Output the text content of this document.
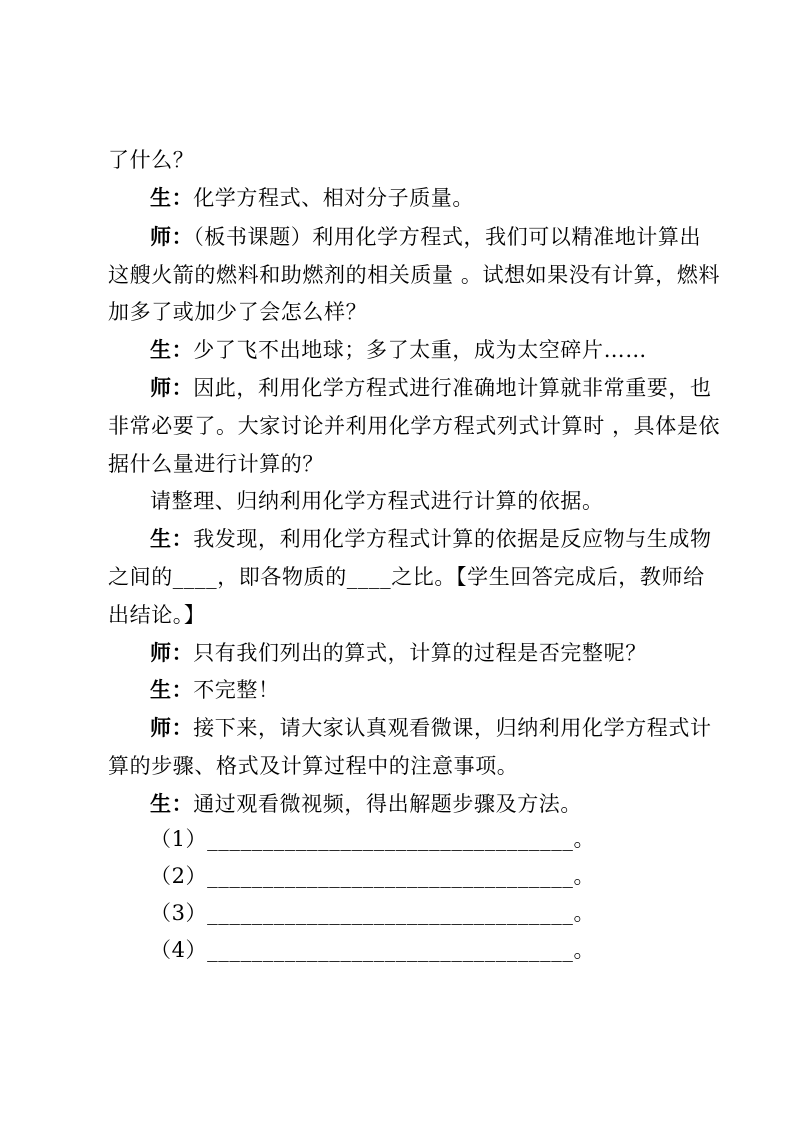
了什么？
生：化学方程式、相对分子质量。
师：（板书课题）利用化学方程式，我们可以精准地计算出
这艘火箭的燃料和助燃剂的相关质量 。试想如果没有计算，燃料
加多了或加少了会怎么样？
生：少了飞不出地球；多了太重，成为太空碎片……
师：因此，利用化学方程式进行准确地计算就非常重要，也
非常必要了。大家讨论并利用化学方程式列式计算时 ，具体是依
据什么量进行计算的？
请整理、归纳利用化学方程式进行计算的依据。
生：我发现，利用化学方程式计算的依据是反应物与生成物
之间的____，即各物质的____之比。【学生回答完成后，教师给
出结论。】
师：只有我们列出的算式，计算的过程是否完整呢？
生：不完整！
师：接下来，请大家认真观看微课，归纳利用化学方程式计
算的步骤、格式及计算过程中的注意事项。
生：通过观看微视频，得出解题步骤及方法。
（1）_________________________________。
（2）_________________________________。
（3）_________________________________。
（4）_________________________________。
